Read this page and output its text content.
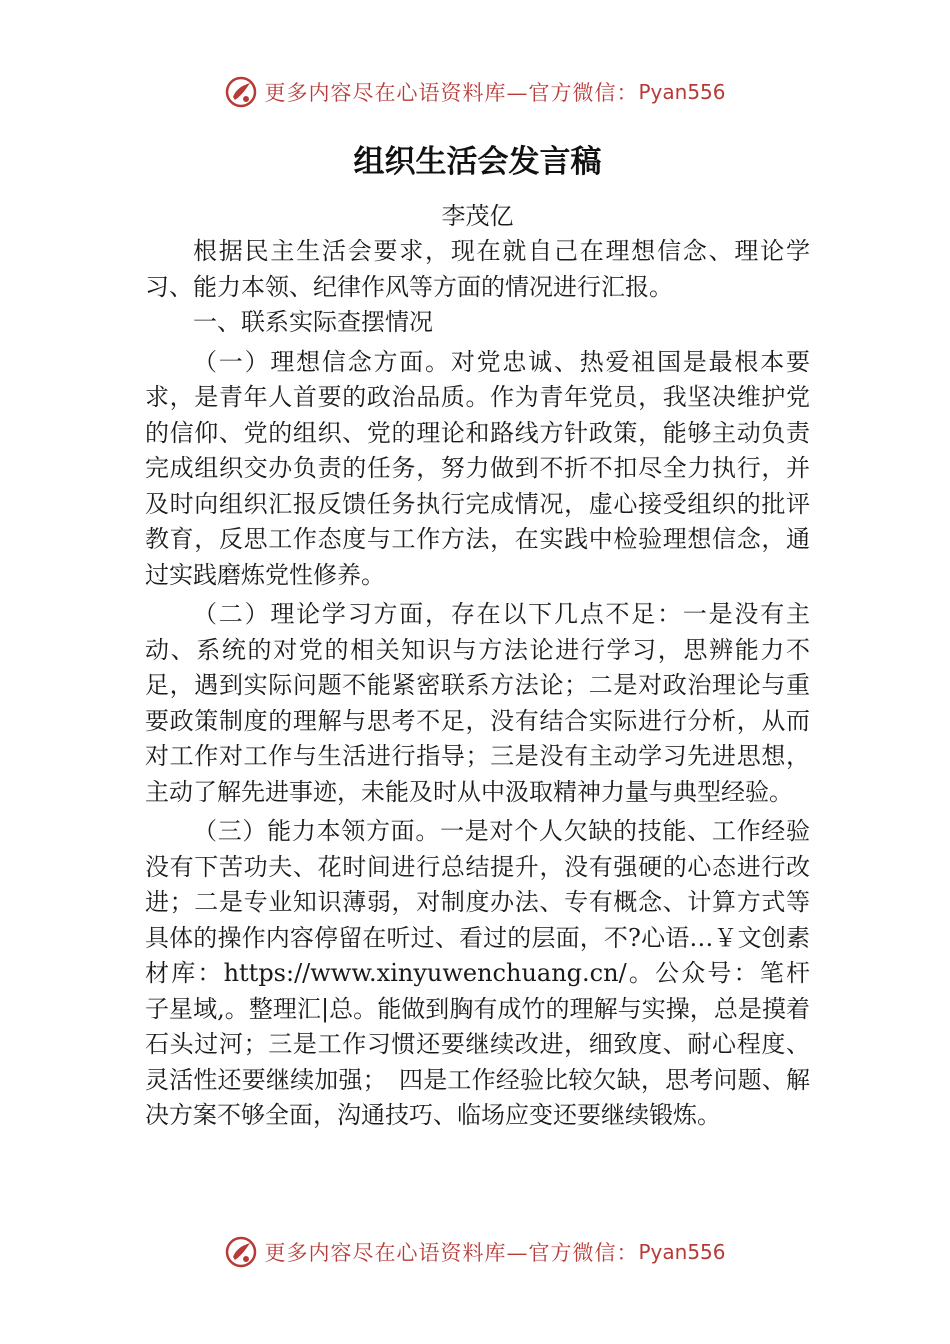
更多内容尽在心语资料库—官方微信： Pyan556
组织生活会发言稿

李茂亿

根据民主生活会要求，现在就自己在理想信念、理论学习、能力本领、纪律作风等方面的情况进行汇报。

一、联系实际查摆情况

（一）理想信念方面。对党忠诚、热爱祖国是最根本要求，是青年人首要的政治品质。作为青年党员，我坚决维护党的信仰、党的组织、党的理论和路线方针政策，能够主动负责完成组织交办负责的任务，努力做到不折不扣尽全力执行，并及时向组织汇报反馈任务执行完成情况，虚心接受组织的批评教育，反思工作态度与工作方法，在实践中检验理想信念，通过实践磨炼党性修养。

（二）理论学习方面，存在以下几点不足：一是没有主动、系统的对党的相关知识与方法论进行学习，思辨能力不足，遇到实际问题不能紧密联系方法论；二是对政治理论与重要政策制度的理解与思考不足，没有结合实际进行分析，从而对工作对工作与生活进行指导；三是没有主动学习先进思想，主动了解先进事迹，未能及时从中汲取精神力量与典型经验。

（三）能力本领方面。一是对个人欠缺的技能、工作经验没有下苦功夫、花时间进行总结提升，没有强硬的心态进行改进；二是专业知识薄弱，对制度办法、专有概念、计算方式等具体的操作内容停留在听过、看过的层面，不?心语…￥文创素材库：https://www.xinyuwenchuang.cn/。公众号：笔杆子星域,。整理汇|总。能做到胸有成竹的理解与实操，总是摸着石头过河；三是工作习惯还要继续改进，细致度、耐心程度、灵活性还要继续加强；　四是工作经验比较欠缺，思考问题、解决方案不够全面，沟通技巧、临场应变还要继续锻炼。

更多内容尽在心语资料库—官方微信： Pyan556
